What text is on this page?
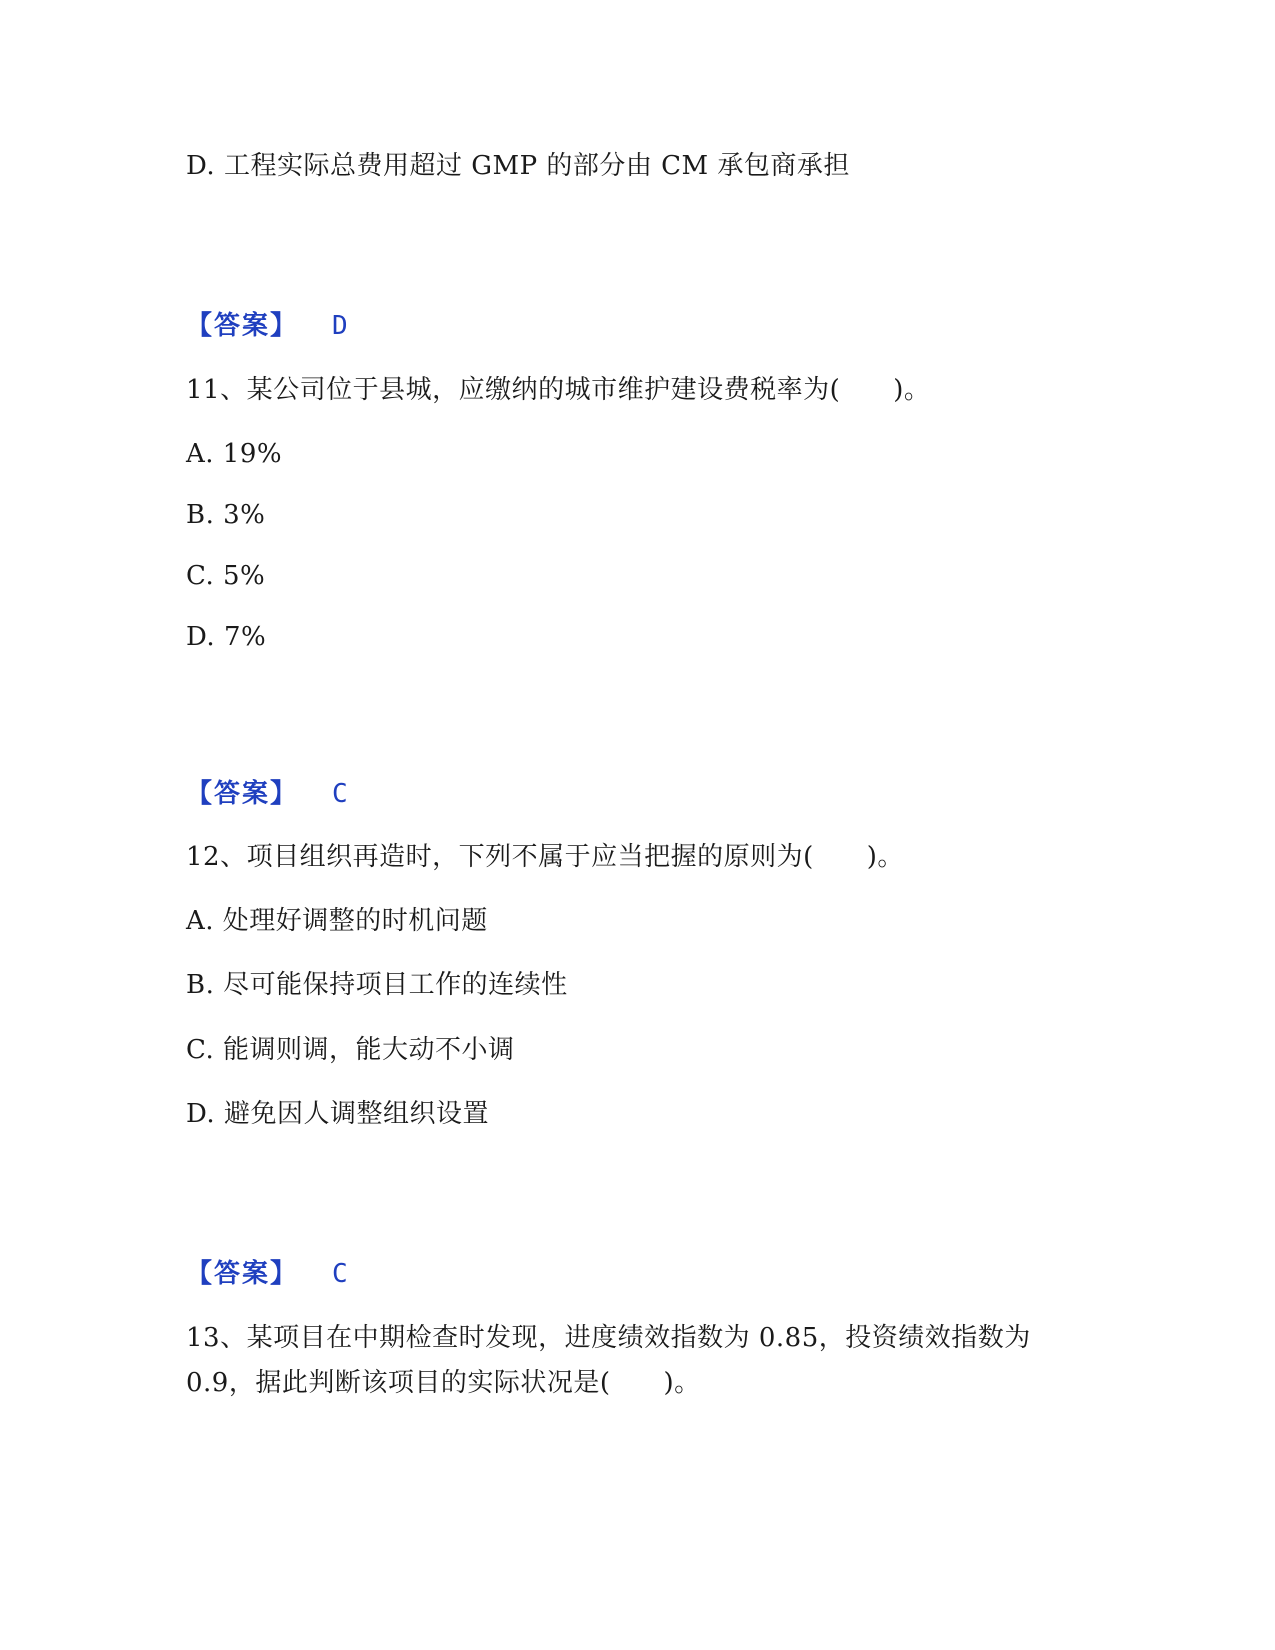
D. 工程实际总费用超过 GMP 的部分由 CM 承包商承担
【答案】 D
11、某公司位于县城，应缴纳的城市维护建设费税率为(　　)。
A. 19%
B. 3%
C. 5%
D. 7%
【答案】 C
12、项目组织再造时，下列不属于应当把握的原则为(　　)。
A. 处理好调整的时机问题
B. 尽可能保持项目工作的连续性
C. 能调则调，能大动不小调
D. 避免因人调整组织设置
【答案】 C
13、某项目在中期检查时发现，进度绩效指数为 0.85，投资绩效指数为
0.9，据此判断该项目的实际状况是(　　)。
